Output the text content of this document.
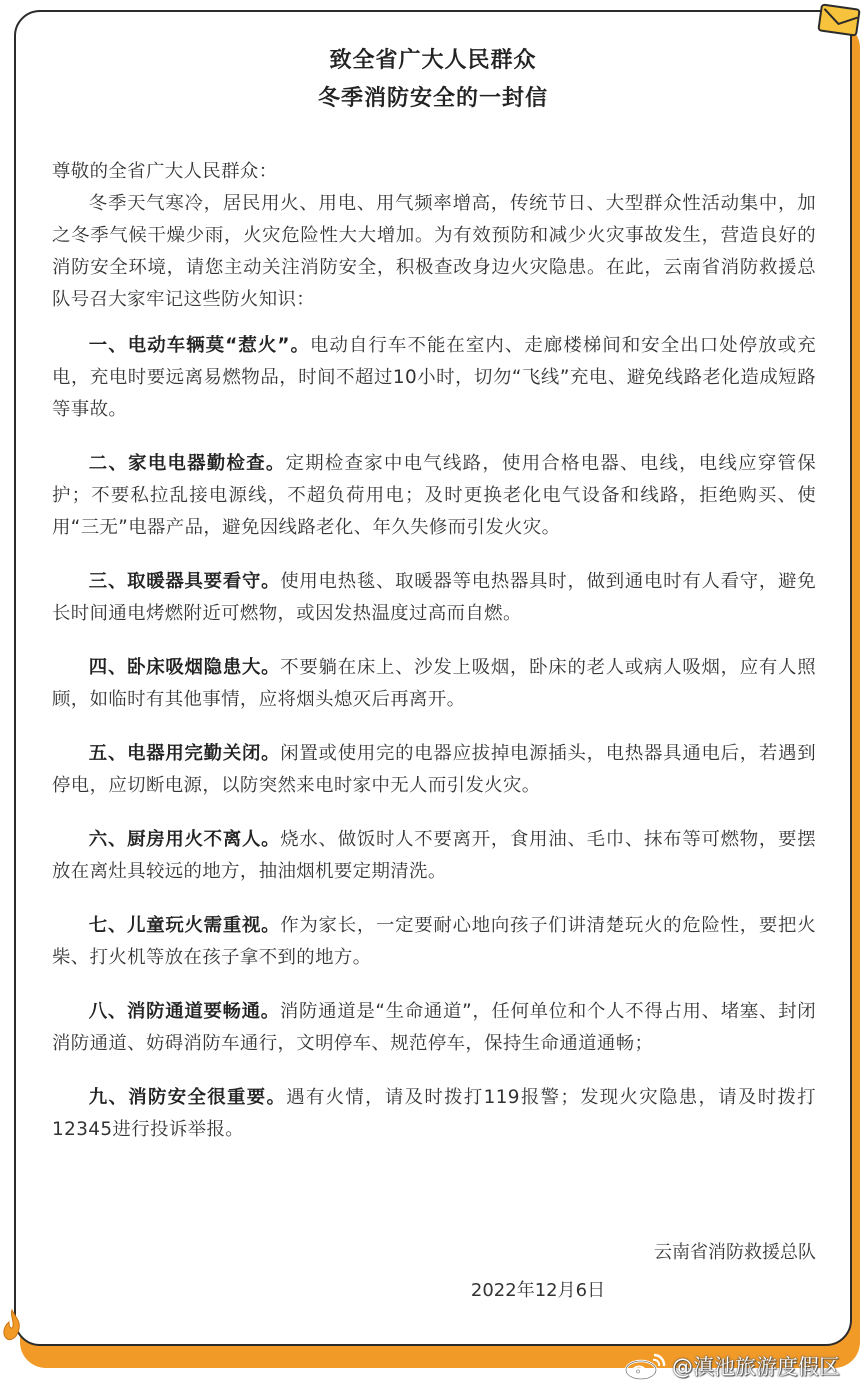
致全省广大人民群众
冬季消防安全的一封信

尊敬的全省广大人民群众：

冬季天气寒冷，居民用火、用电、用气频率增高，传统节日、大型群众性活动集中，加之冬季气候干燥少雨，火灾危险性大大增加。为有效预防和减少火灾事故发生，营造良好的消防安全环境，请您主动关注消防安全，积极查改身边火灾隐患。在此，云南省消防救援总队号召大家牢记这些防火知识：

一、电动车辆莫“惹火”。电动自行车不能在室内、走廊楼梯间和安全出口处停放或充电，充电时要远离易燃物品，时间不超过10小时，切勿“飞线”充电、避免线路老化造成短路等事故。

二、家电电器勤检查。定期检查家中电气线路，使用合格电器、电线，电线应穿管保护；不要私拉乱接电源线，不超负荷用电；及时更换老化电气设备和线路，拒绝购买、使用“三无”电器产品，避免因线路老化、年久失修而引发火灾。

三、取暖器具要看守。使用电热毯、取暖器等电热器具时，做到通电时有人看守，避免长时间通电烤燃附近可燃物，或因发热温度过高而自燃。

四、卧床吸烟隐患大。不要躺在床上、沙发上吸烟，卧床的老人或病人吸烟，应有人照顾，如临时有其他事情，应将烟头熄灭后再离开。

五、电器用完勤关闭。闲置或使用完的电器应拔掉电源插头，电热器具通电后，若遇到停电，应切断电源，以防突然来电时家中无人而引发火灾。

六、厨房用火不离人。烧水、做饭时人不要离开，食用油、毛巾、抹布等可燃物，要摆放在离灶具较远的地方，抽油烟机要定期清洗。

七、儿童玩火需重视。作为家长，一定要耐心地向孩子们讲清楚玩火的危险性，要把火柴、打火机等放在孩子拿不到的地方。

八、消防通道要畅通。消防通道是“生命通道”，任何单位和个人不得占用、堵塞、封闭消防通道、妨碍消防车通行，文明停车、规范停车，保持生命通道通畅；

九、消防安全很重要。遇有火情，请及时拨打119报警；发现火灾隐患，请及时拨打12345进行投诉举报。

云南省消防救援总队
2022年12月6日
@滇池旅游度假区
